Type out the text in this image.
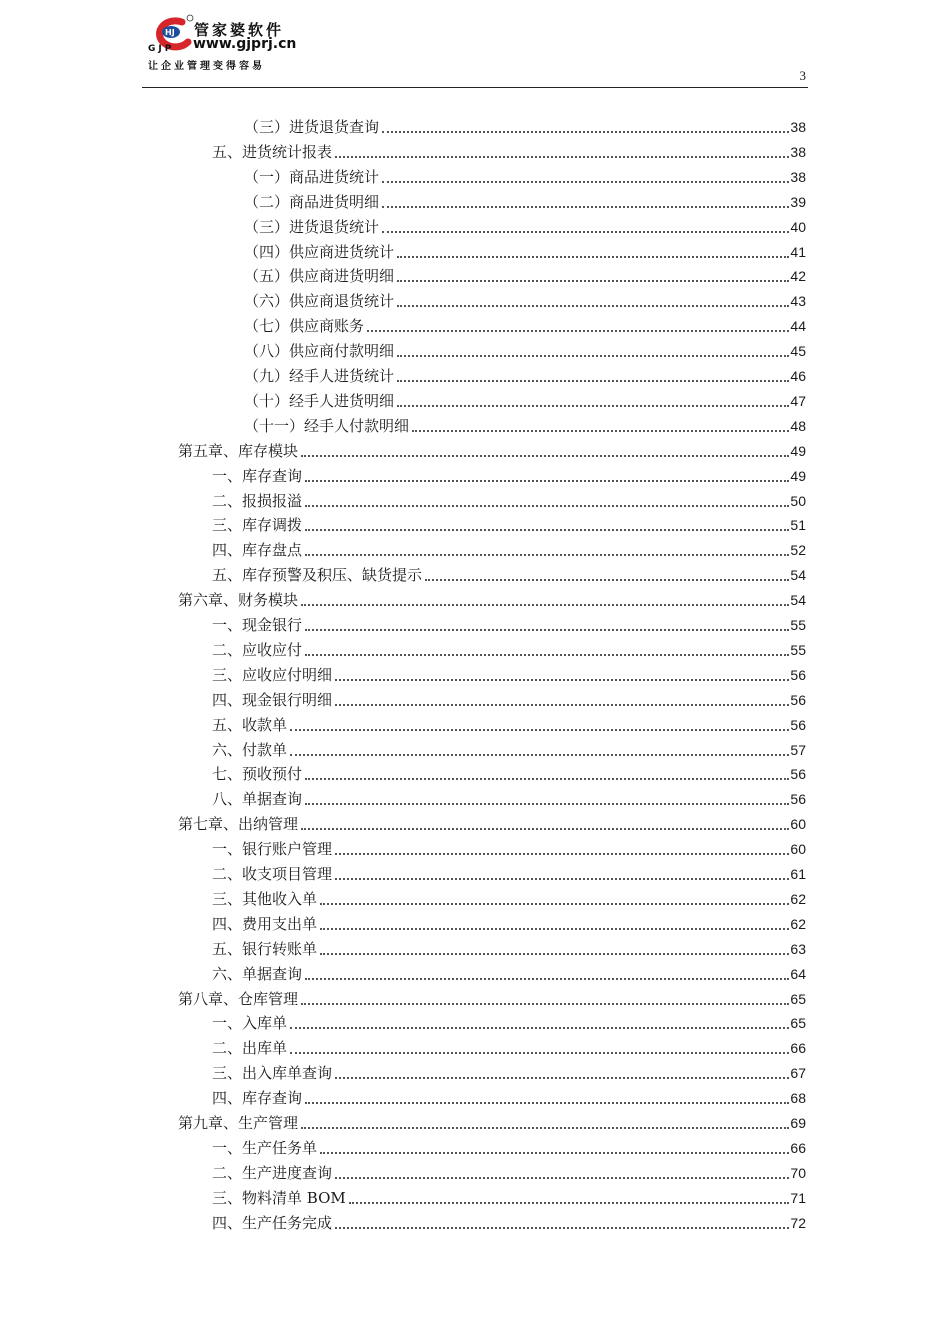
HJ 管家婆软件
GJP www.gjprj.cn
让企业管理变得容易
3
（三）进货退货查询	38
五、进货统计报表	38
（一）商品进货统计	38
（二）商品进货明细	39
（三）进货退货统计	40
（四）供应商进货统计	41
（五）供应商进货明细	42
（六）供应商退货统计	43
（七）供应商账务	44
（八）供应商付款明细	45
（九）经手人进货统计	46
（十）经手人进货明细	47
（十一）经手人付款明细	48
第五章、库存模块	49
一、库存查询	49
二、报损报溢	50
三、库存调拨	51
四、库存盘点	52
五、库存预警及积压、缺货提示	54
第六章、财务模块	54
一、现金银行	55
二、应收应付	55
三、应收应付明细	56
四、现金银行明细	56
五、收款单	56
六、付款单	57
七、预收预付	56
八、单据查询	56
第七章、出纳管理	60
一、银行账户管理	60
二、收支项目管理	61
三、其他收入单	62
四、费用支出单	62
五、银行转账单	63
六、单据查询	64
第八章、仓库管理	65
一、入库单	65
二、出库单	66
三、出入库单查询	67
四、库存查询	68
第九章、生产管理	69
一、生产任务单	66
二、生产进度查询	70
三、物料清单 BOM	71
四、生产任务完成	72
